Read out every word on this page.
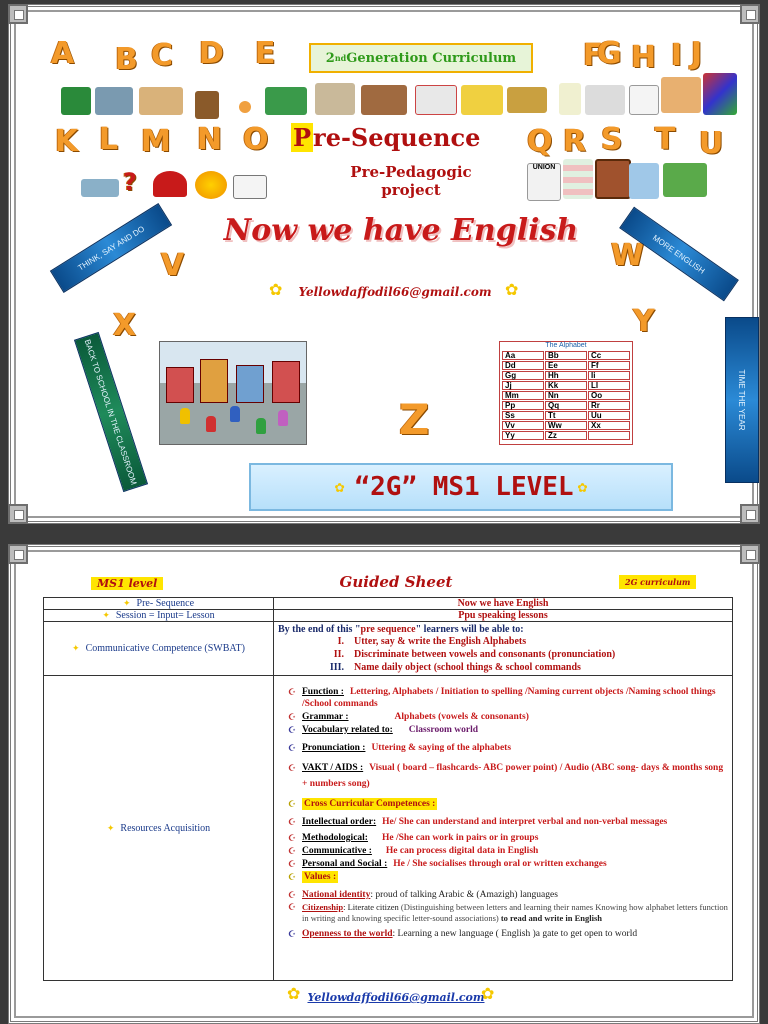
A B C D E	F
G H I J
K L M N O	Q R S T U
V	W
X	Y
Z
?
UNION
2 nd Generation Curriculum
Pre-Sequence
Pre-Pedagogic
project
Now we have English
✿	Yellowdaffodil66@gmail.com ✿
THINK, SAY AND DO	MORE ENGLISH
BACK TO SCHOOL IN THE CLASSROOM	TIME THE YEAR
The Alphabet
Aa	Bb	Cc
Dd	Ee	Ff
Gg	Hh	Ii
Jj	Kk	Ll
Mm	Nn	Oo
Pp	Qq	Rr
Ss	Tt	Uu
Vv	Ww	Xx
Yy	Zz
✿ “2G” MS1 LEVEL ✿
MS1 level	Guided Sheet	2G curriculum
✦ Pre- Sequence	Now we have English
✦ Session = Input= Lesson	Ppu speaking lessons
✦ Communicative Competence (SWBAT)
By the end of this "pre sequence" learners will be able to:
I. Utter, say & write the English Alphabets
II. Discriminate between vowels and consonants (pronunciation)
III. Name daily object (school things & school commands
✦ Resources Acquisition
☪ Function : Lettering, Alphabets / Initiation to spelling /Naming current objects /Naming school things /School commands
☪ Grammar :	Alphabets (vowels & consonants)
☪ Vocabulary related to: Classroom world
☪ Pronunciation : Uttering & saying of the alphabets
☪ VAKT / AIDS : Visual ( board – flashcards- ABC power point) / Audio (ABC song- days & months song + numbers song)
☪ Cross Curricular Competences :
☪ Intellectual order: He/ She can understand and interpret verbal and non-verbal messages
☪ Methodological: He /She can work in pairs or in groups
☪ Communicative : He can process digital data in English
☪ Personal and Social : He / She socialises through oral or written exchanges
☪ Values :
☪ National identity: proud of talking Arabic & (Amazigh) languages
☪ Citizenship: Literate citizen (Distinguishing between letters and learning their names Knowing how alphabet letters function in writing and knowing specific letter-sound associations) to read and write in English
☪ Openness to the world: Learning a new language ( English )a gate to get open to world
✿ Yellowdaffodil66@gmail.com
✿
